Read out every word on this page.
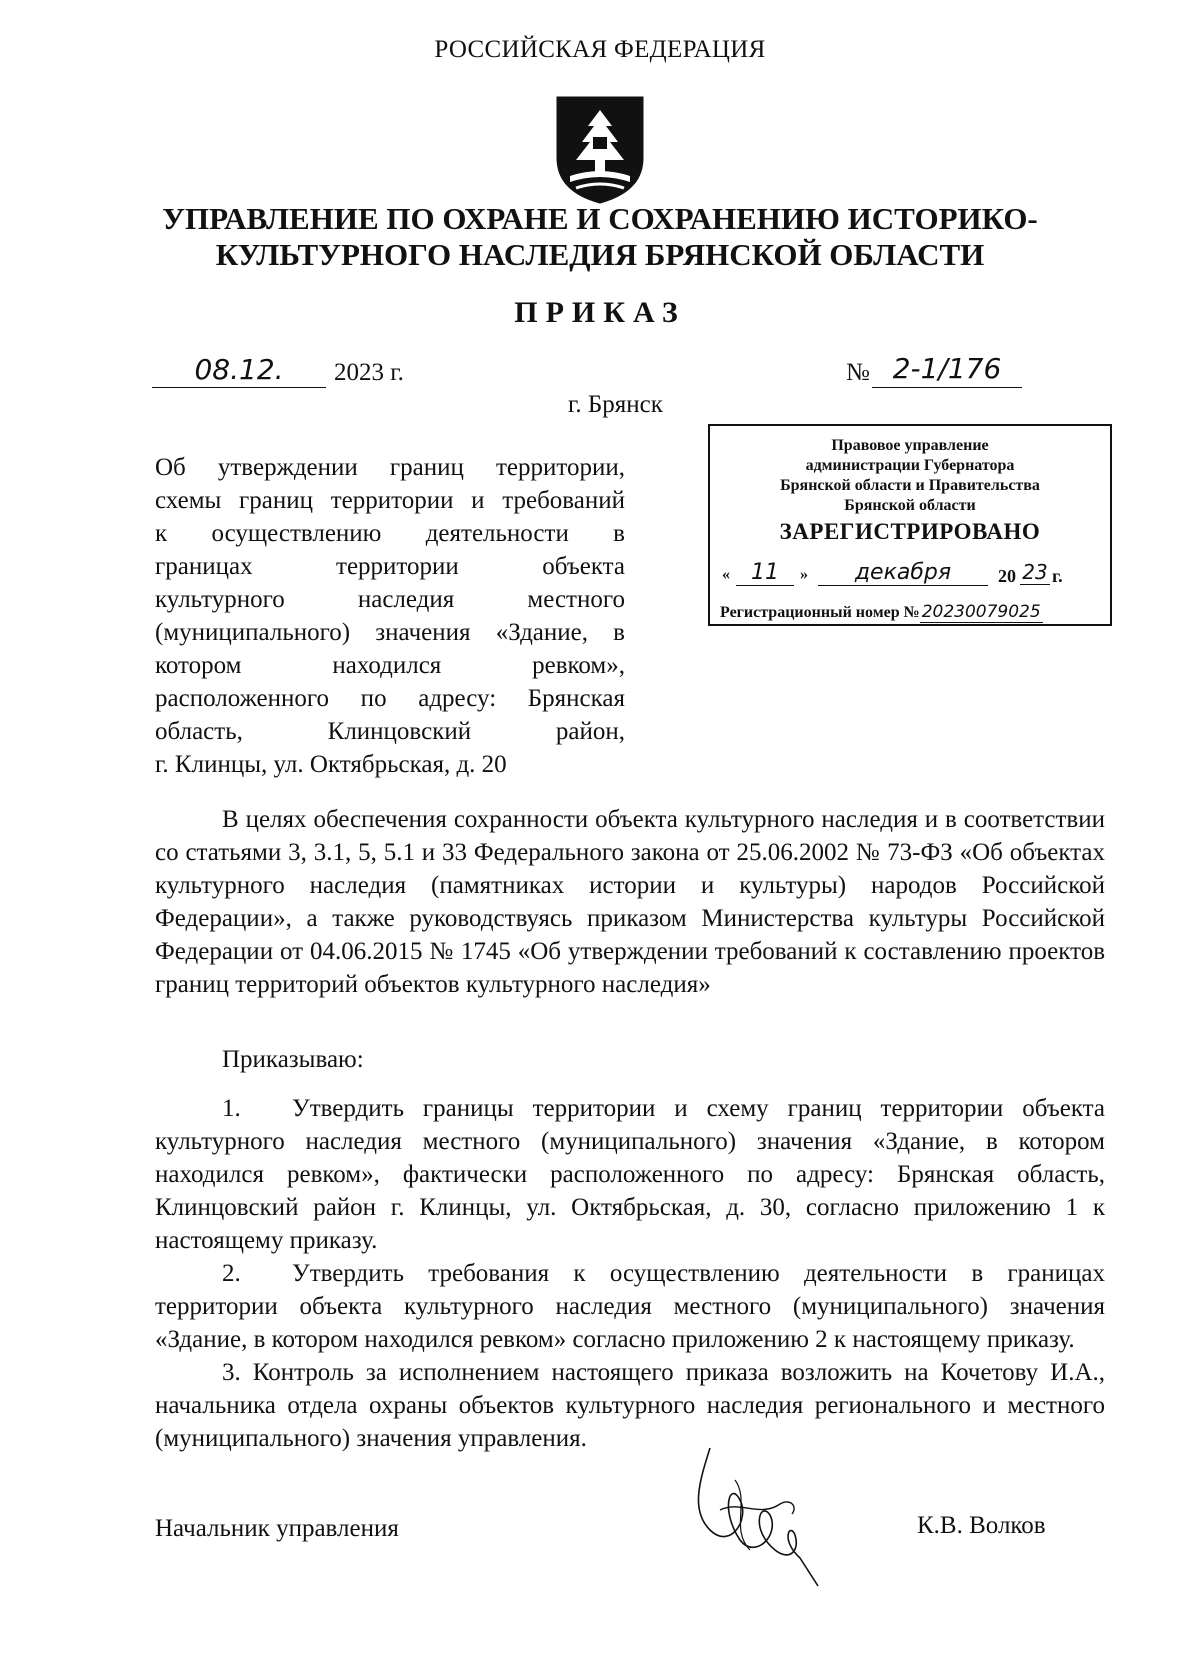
РОССИЙСКАЯ ФЕДЕРАЦИЯ
УПРАВЛЕНИЕ ПО ОХРАНЕ И СОХРАНЕНИЮ ИСТОРИКО-
КУЛЬТУРНОГО НАСЛЕДИЯ БРЯНСКОЙ ОБЛАСТИ
ПРИКАЗ
08.12.	2023 г.	№ 2-1/176
г. Брянск
Об утверждении границ территории,
схемы границ территории и требований
к осуществлению деятельности в
границах территории объекта
культурного наследия местного
(муниципального) значения «Здание, в
котором находился ревком»,
расположенного по адресу: Брянская
область, Клинцовский район,
г. Клинцы, ул. Октябрьская, д. 20
Правовое управление
администрации Губернатора
Брянской области и Правительства
Брянской области
ЗАРЕГИСТРИРОВАНО
« 11	»	декабря	20 23 г.
Регистрационный номер № 20230079025

В целях обеспечения сохранности объекта культурного наследия и в соответствии со статьями 3, 3.1, 5, 5.1 и 33 Федерального закона от 25.06.2002 № 73-ФЗ «Об объектах культурного наследия (памятниках истории и культуры) народов Российской Федерации», а также руководствуясь приказом Министерства культуры Российской Федерации от 04.06.2015 № 1745 «Об утверждении требований к составлению проектов границ территорий объектов культурного наследия»

Приказываю:

1. Утвердить границы территории и схему границ территории объекта культурного наследия местного (муниципального) значения «Здание, в котором находился ревком», фактически расположенного по адресу: Брянская область, Клинцовский район г. Клинцы, ул. Октябрьская, д. 30, согласно приложению 1 к настоящему приказу.

2. Утвердить требования к осуществлению деятельности в границах территории объекта культурного наследия местного (муниципального) значения «Здание, в котором находился ревком» согласно приложению 2 к настоящему приказу.

3. Контроль за исполнением настоящего приказа возложить на Кочетову И.А., начальника отдела охраны объектов культурного наследия регионального и местного (муниципального) значения управления.

Начальник управления	К.В. Волков
